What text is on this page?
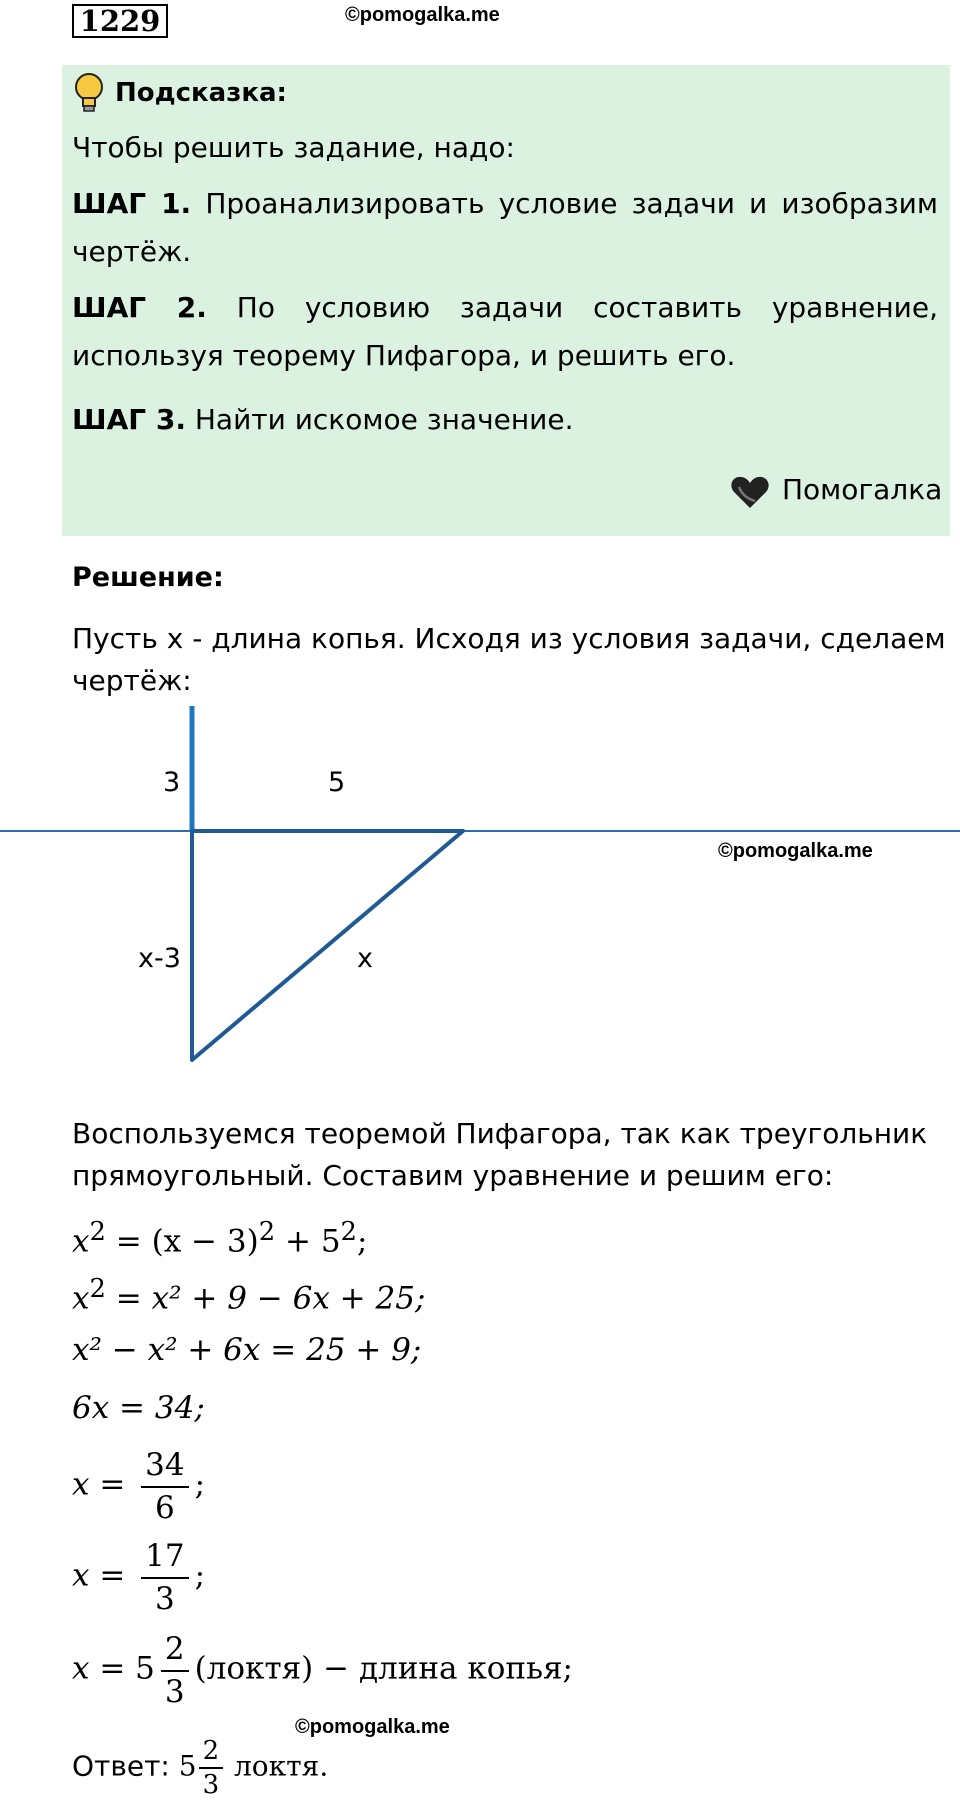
1229	©pomogalka.me
Подсказка:
Чтобы решить задание, надо:
ШАГ 1. Проанализировать условие задачи и изобразим чертёж.
ШАГ 2. По условию задачи составить уравнение, используя теорему Пифагора, и решить его.
ШАГ 3. Найти искомое значение.
Помогалка
Решение:
Пусть x - длина копья. Исходя из условия задачи, сделаем чертёж:
3	5
x-3	x
©pomogalka.me
Воспользуемся теоремой Пифагора, так как треугольник прямоугольный. Составим уравнение и решим его:
$x^2 = (x - 3)^2 + 5^2$;
$x^2 = x^2 + 9 - 6x + 25$;
x² − x² + 6x = 25 + 9;
6x = 34;
$x = \frac{34}{6}$ ;
$x = \frac{17}{3}$ ;
$x = 5 \frac{2}{3}$ (локтя) − длина копья;
©pomogalka.me
Ответ: $5 \frac{2}{3}$ локтя.
